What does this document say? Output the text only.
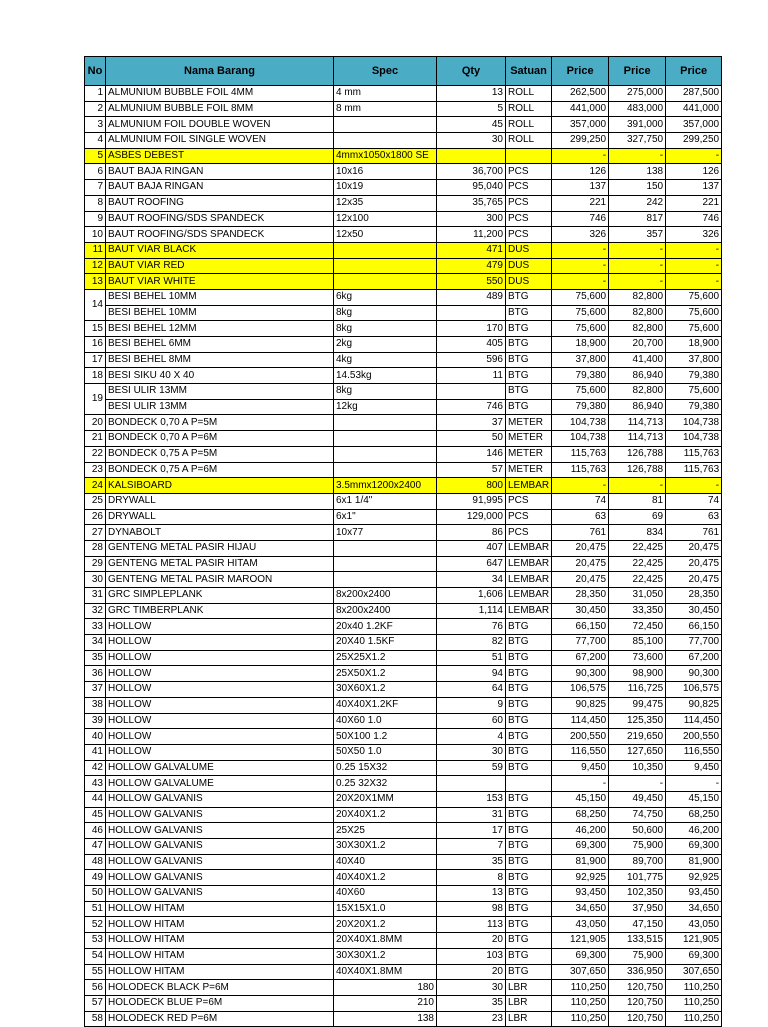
No	Nama Barang	Spec	Qty	Satuan	Price	Price	Price
1	ALMUNIUM BUBBLE FOIL 4MM	4 mm	13	ROLL	262,500	275,000	287,500
2	ALMUNIUM BUBBLE FOIL 8MM	8 mm	5	ROLL	441,000	483,000	441,000
3	ALMUNIUM FOIL DOUBLE WOVEN		45	ROLL	357,000	391,000	357,000
4	ALMUNIUM FOIL SINGLE WOVEN		30	ROLL	299,250	327,750	299,250
5	ASBES DEBEST	4mmx1050x1800 SE			-	-	-
6	BAUT BAJA RINGAN	10x16	36,700	PCS	126	138	126
7	BAUT BAJA RINGAN	10x19	95,040	PCS	137	150	137
8	BAUT ROOFING	12x35	35,765	PCS	221	242	221
9	BAUT ROOFING/SDS SPANDECK	12x100	300	PCS	746	817	746
10	BAUT ROOFING/SDS SPANDECK	12x50	11,200	PCS	326	357	326
11	BAUT VIAR BLACK		471	DUS	-	-	-
12	BAUT VIAR RED		479	DUS	-	-	-
13	BAUT VIAR WHITE		550	DUS	-	-	-
14	BESI BEHEL 10MM	6kg	489	BTG	75,600	82,800	75,600
	BESI BEHEL 10MM	8kg		BTG	75,600	82,800	75,600
15	BESI BEHEL 12MM	8kg	170	BTG	75,600	82,800	75,600
16	BESI BEHEL 6MM	2kg	405	BTG	18,900	20,700	18,900
17	BESI BEHEL 8MM	4kg	596	BTG	37,800	41,400	37,800
18	BESI SIKU 40 X 40	14.53kg	11	BTG	79,380	86,940	79,380
19	BESI ULIR 13MM	8kg		BTG	75,600	82,800	75,600
	BESI ULIR 13MM	12kg	746	BTG	79,380	86,940	79,380
20	BONDECK 0,70 A P=5M		37	METER	104,738	114,713	104,738
21	BONDECK 0,70 A P=6M		50	METER	104,738	114,713	104,738
22	BONDECK 0,75 A P=5M		146	METER	115,763	126,788	115,763
23	BONDECK 0,75 A P=6M		57	METER	115,763	126,788	115,763
24	KALSIBOARD	3.5mmx1200x2400	800	LEMBAR	-	-	-
25	DRYWALL	6x1 1/4"	91,995	PCS	74	81	74
26	DRYWALL	6x1"	129,000	PCS	63	69	63
27	DYNABOLT	10x77	86	PCS	761	834	761
28	GENTENG METAL PASIR HIJAU		407	LEMBAR	20,475	22,425	20,475
29	GENTENG METAL PASIR HITAM		647	LEMBAR	20,475	22,425	20,475
30	GENTENG METAL PASIR MAROON		34	LEMBAR	20,475	22,425	20,475
31	GRC SIMPLEPLANK	8x200x2400	1,606	LEMBAR	28,350	31,050	28,350
32	GRC TIMBERPLANK	8x200x2400	1,114	LEMBAR	30,450	33,350	30,450
33	HOLLOW	20x40 1.2KF	76	BTG	66,150	72,450	66,150
34	HOLLOW	20X40 1.5KF	82	BTG	77,700	85,100	77,700
35	HOLLOW	25X25X1.2	51	BTG	67,200	73,600	67,200
36	HOLLOW	25X50X1.2	94	BTG	90,300	98,900	90,300
37	HOLLOW	30X60X1.2	64	BTG	106,575	116,725	106,575
38	HOLLOW	40X40X1.2KF	9	BTG	90,825	99,475	90,825
39	HOLLOW	40X60 1.0	60	BTG	114,450	125,350	114,450
40	HOLLOW	50X100 1.2	4	BTG	200,550	219,650	200,550
41	HOLLOW	50X50 1.0	30	BTG	116,550	127,650	116,550
42	HOLLOW GALVALUME	0.25 15X32	59	BTG	9,450	10,350	9,450
43	HOLLOW GALVALUME	0.25 32X32			-	-	-
44	HOLLOW GALVANIS	20X20X1MM	153	BTG	45,150	49,450	45,150
45	HOLLOW GALVANIS	20X40X1.2	31	BTG	68,250	74,750	68,250
46	HOLLOW GALVANIS	25X25	17	BTG	46,200	50,600	46,200
47	HOLLOW GALVANIS	30X30X1.2	7	BTG	69,300	75,900	69,300
48	HOLLOW GALVANIS	40X40	35	BTG	81,900	89,700	81,900
49	HOLLOW GALVANIS	40X40X1.2	8	BTG	92,925	101,775	92,925
50	HOLLOW GALVANIS	40X60	13	BTG	93,450	102,350	93,450
51	HOLLOW HITAM	15X15X1.0	98	BTG	34,650	37,950	34,650
52	HOLLOW HITAM	20X20X1.2	113	BTG	43,050	47,150	43,050
53	HOLLOW HITAM	20X40X1.8MM	20	BTG	121,905	133,515	121,905
54	HOLLOW HITAM	30X30X1.2	103	BTG	69,300	75,900	69,300
55	HOLLOW HITAM	40X40X1.8MM	20	BTG	307,650	336,950	307,650
56	HOLODECK BLACK P=6M	180	30	LBR	110,250	120,750	110,250
57	HOLODECK BLUE P=6M	210	35	LBR	110,250	120,750	110,250
58	HOLODECK RED P=6M	138	23	LBR	110,250	120,750	110,250
